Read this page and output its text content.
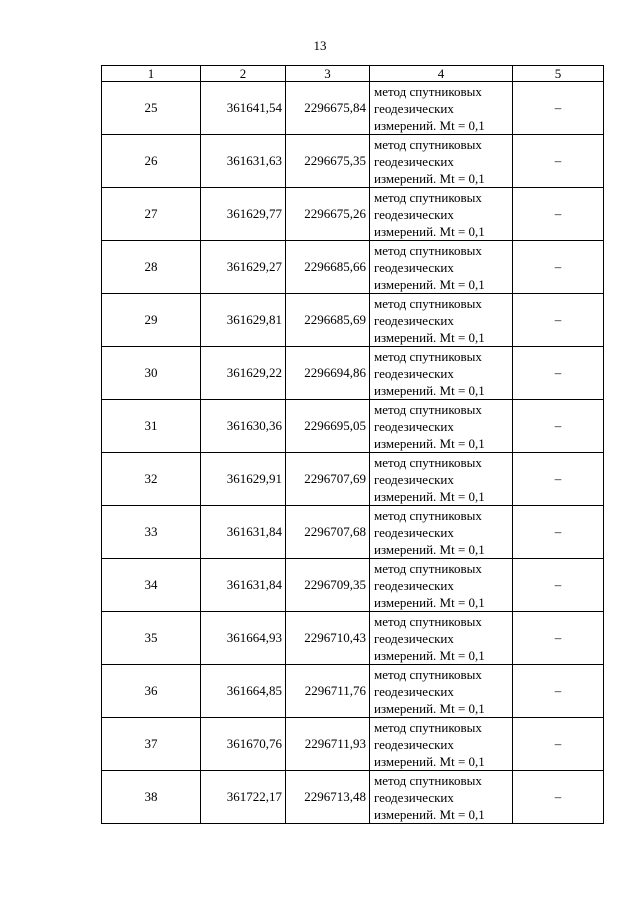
13
1	2	3	4	5
25	361641,54	2296675,84	метод спутниковых
геодезических
измерений. Mt = 0,1	–
26	361631,63	2296675,35	метод спутниковых
геодезических
измерений. Mt = 0,1	–
27	361629,77	2296675,26	метод спутниковых
геодезических
измерений. Mt = 0,1	–
28	361629,27	2296685,66	метод спутниковых
геодезических
измерений. Mt = 0,1	–
29	361629,81	2296685,69	метод спутниковых
геодезических
измерений. Mt = 0,1	–
30	361629,22	2296694,86	метод спутниковых
геодезических
измерений. Mt = 0,1	–
31	361630,36	2296695,05	метод спутниковых
геодезических
измерений. Mt = 0,1	–
32	361629,91	2296707,69	метод спутниковых
геодезических
измерений. Mt = 0,1	–
33	361631,84	2296707,68	метод спутниковых
геодезических
измерений. Mt = 0,1	–
34	361631,84	2296709,35	метод спутниковых
геодезических
измерений. Mt = 0,1	–
35	361664,93	2296710,43	метод спутниковых
геодезических
измерений. Mt = 0,1	–
36	361664,85	2296711,76	метод спутниковых
геодезических
измерений. Mt = 0,1	–
37	361670,76	2296711,93	метод спутниковых
геодезических
измерений. Mt = 0,1	–
38	361722,17	2296713,48	метод спутниковых
геодезических
измерений. Mt = 0,1	–
